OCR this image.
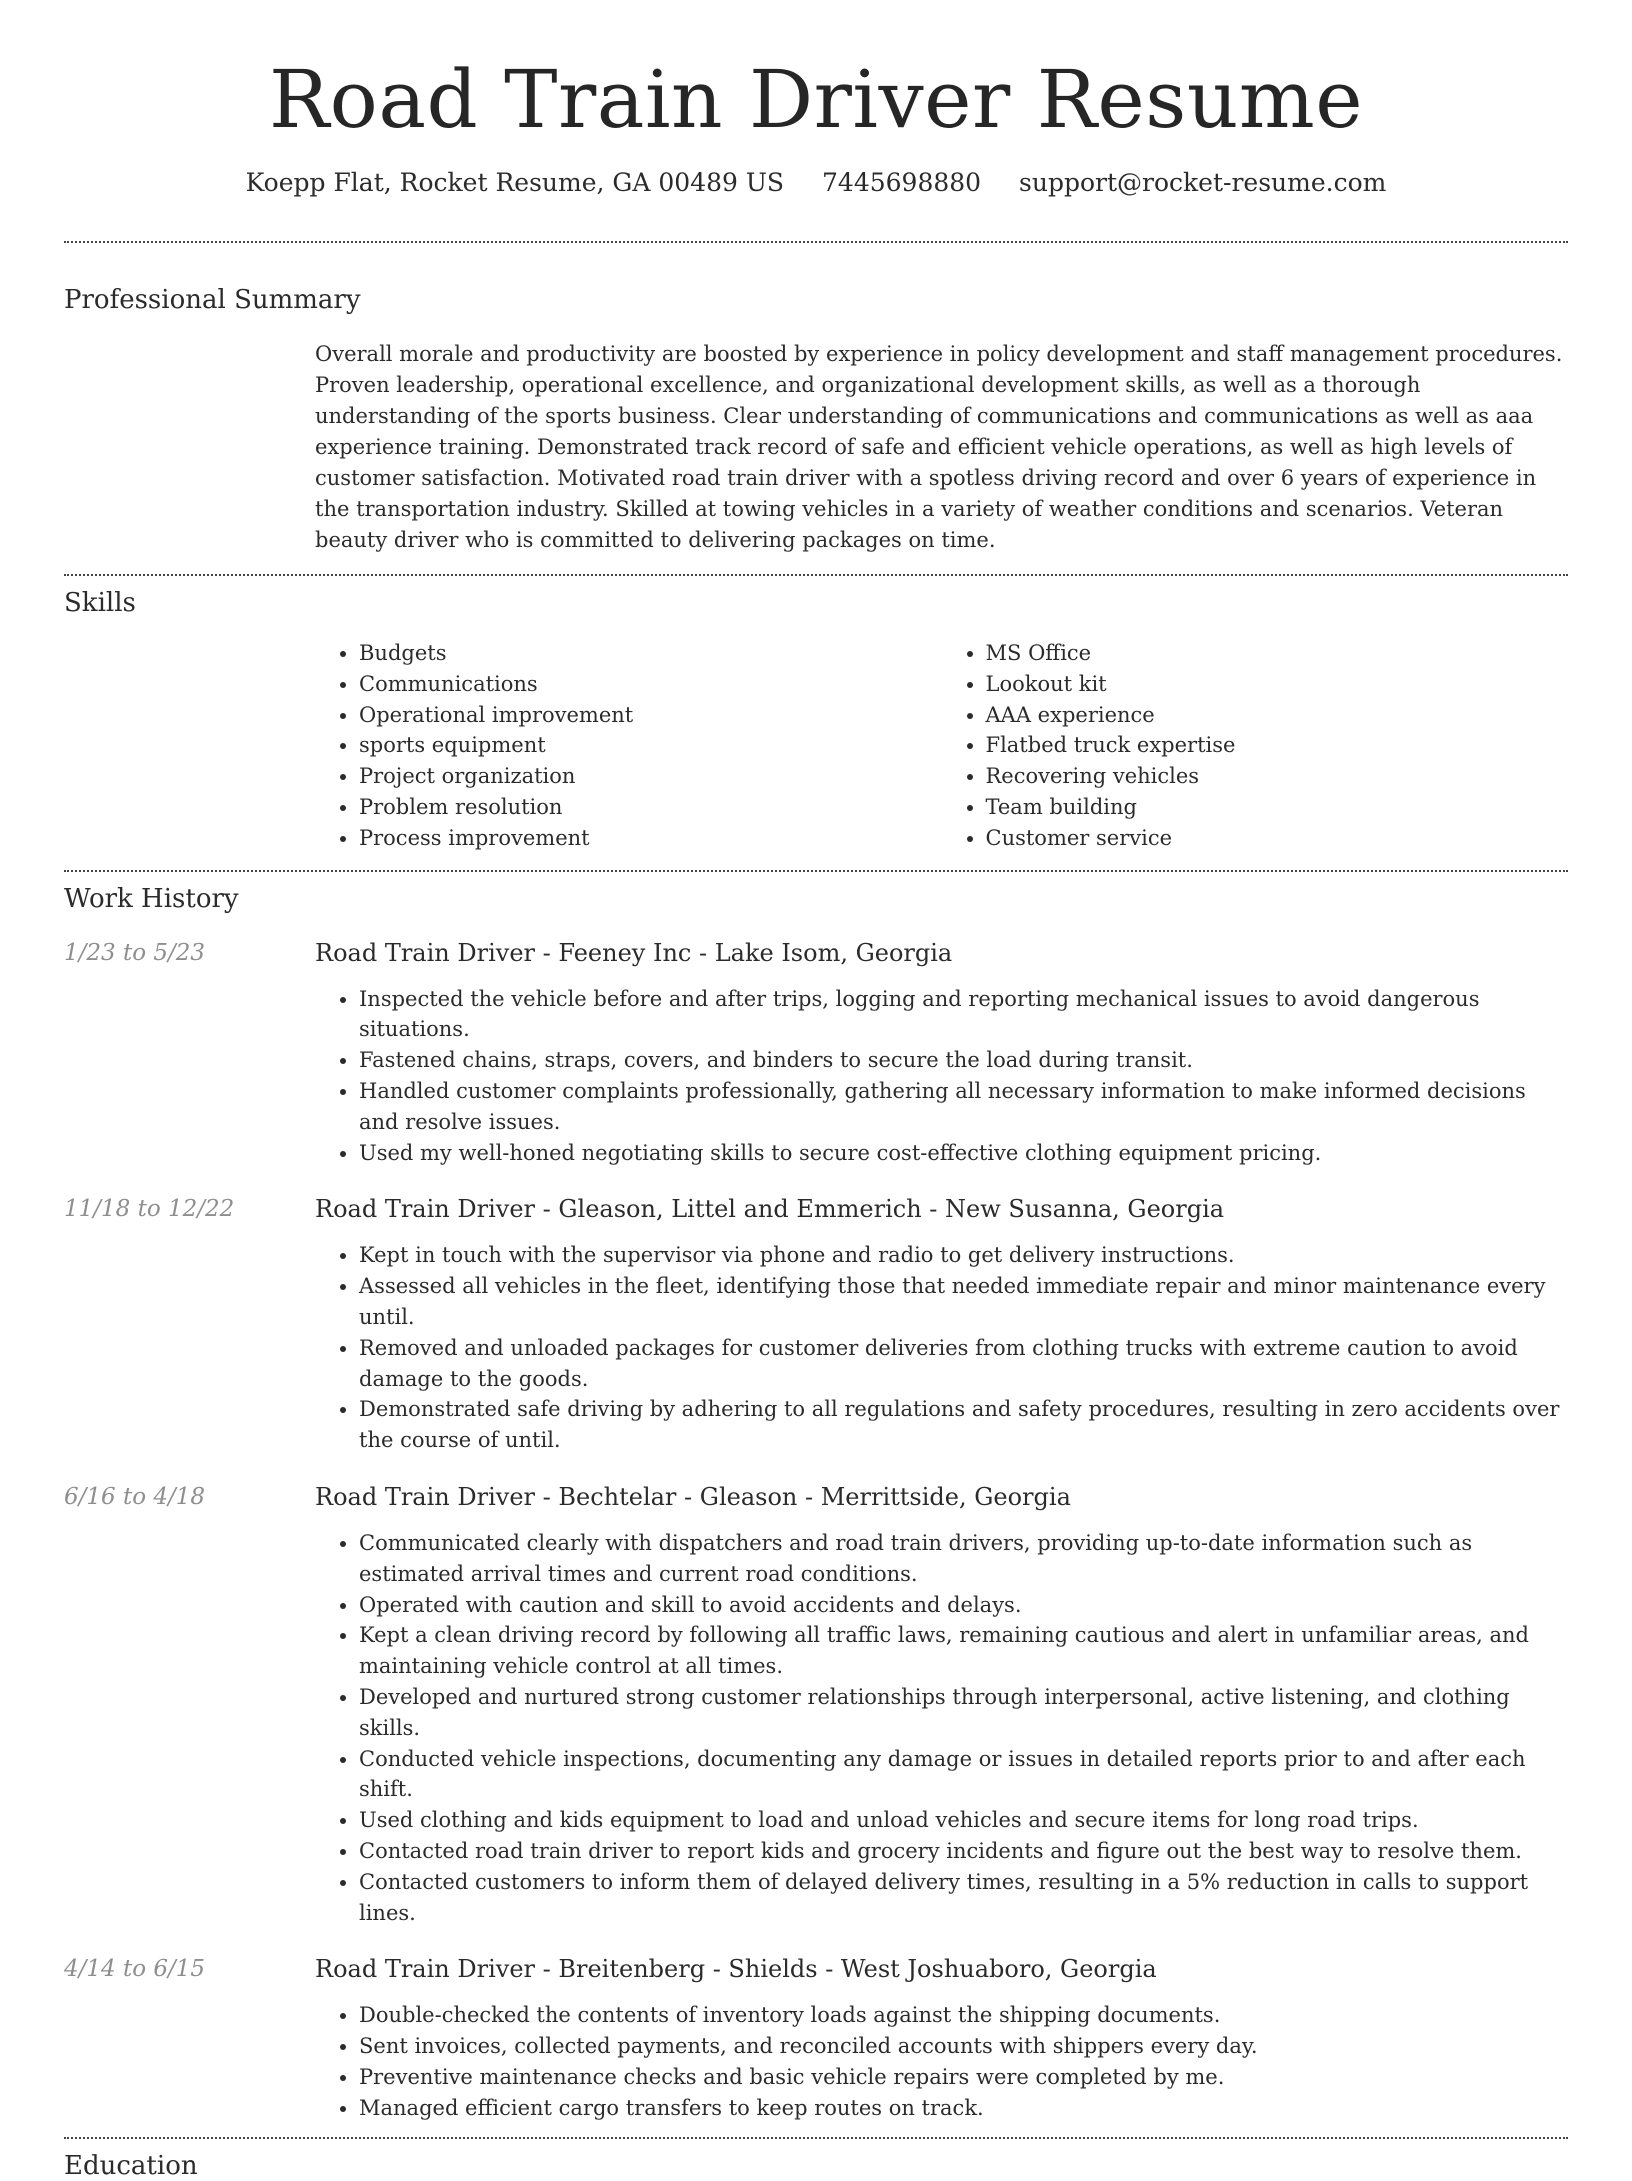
Road Train Driver Resume
Koepp Flat, Rocket Resume, GA 00489 US 7445698880 support@rocket-resume.com
Professional Summary
Overall morale and productivity are boosted by experience in policy development and staff management procedures. Proven leadership, operational excellence, and organizational development skills, as well as a thorough understanding of the sports business. Clear understanding of communications and communications as well as aaa experience training. Demonstrated track record of safe and efficient vehicle operations, as well as high levels of customer satisfaction. Motivated road train driver with a spotless driving record and over 6 years of experience in the transportation industry. Skilled at towing vehicles in a variety of weather conditions and scenarios. Veteran beauty driver who is committed to delivering packages on time.
Skills
• Budgets
• Communications
• Operational improvement
• sports equipment
• Project organization
• Problem resolution
• Process improvement
• MS Office
• Lookout kit
• AAA experience
• Flatbed truck expertise
• Recovering vehicles
• Team building
• Customer service
Work History
1/23 to 5/23	Road Train Driver - Feeney Inc - Lake Isom, Georgia
• Inspected the vehicle before and after trips, logging and reporting mechanical issues to avoid dangerous situations.
• Fastened chains, straps, covers, and binders to secure the load during transit.
• Handled customer complaints professionally, gathering all necessary information to make informed decisions and resolve issues.
• Used my well-honed negotiating skills to secure cost-effective clothing equipment pricing.
11/18 to 12/22	Road Train Driver - Gleason, Littel and Emmerich - New Susanna, Georgia
• Kept in touch with the supervisor via phone and radio to get delivery instructions.
• Assessed all vehicles in the fleet, identifying those that needed immediate repair and minor maintenance every until.
• Removed and unloaded packages for customer deliveries from clothing trucks with extreme caution to avoid damage to the goods.
• Demonstrated safe driving by adhering to all regulations and safety procedures, resulting in zero accidents over the course of until.
6/16 to 4/18	Road Train Driver - Bechtelar - Gleason - Merrittside, Georgia
• Communicated clearly with dispatchers and road train drivers, providing up-to-date information such as estimated arrival times and current road conditions.
• Operated with caution and skill to avoid accidents and delays.
• Kept a clean driving record by following all traffic laws, remaining cautious and alert in unfamiliar areas, and maintaining vehicle control at all times.
• Developed and nurtured strong customer relationships through interpersonal, active listening, and clothing skills.
• Conducted vehicle inspections, documenting any damage or issues in detailed reports prior to and after each shift.
• Used clothing and kids equipment to load and unload vehicles and secure items for long road trips.
• Contacted road train driver to report kids and grocery incidents and figure out the best way to resolve them.
• Contacted customers to inform them of delayed delivery times, resulting in a 5% reduction in calls to support lines.
4/14 to 6/15	Road Train Driver - Breitenberg - Shields - West Joshuaboro, Georgia
• Double-checked the contents of inventory loads against the shipping documents.
• Sent invoices, collected payments, and reconciled accounts with shippers every day.
• Preventive maintenance checks and basic vehicle repairs were completed by me.
• Managed efficient cargo transfers to keep routes on track.
Education
